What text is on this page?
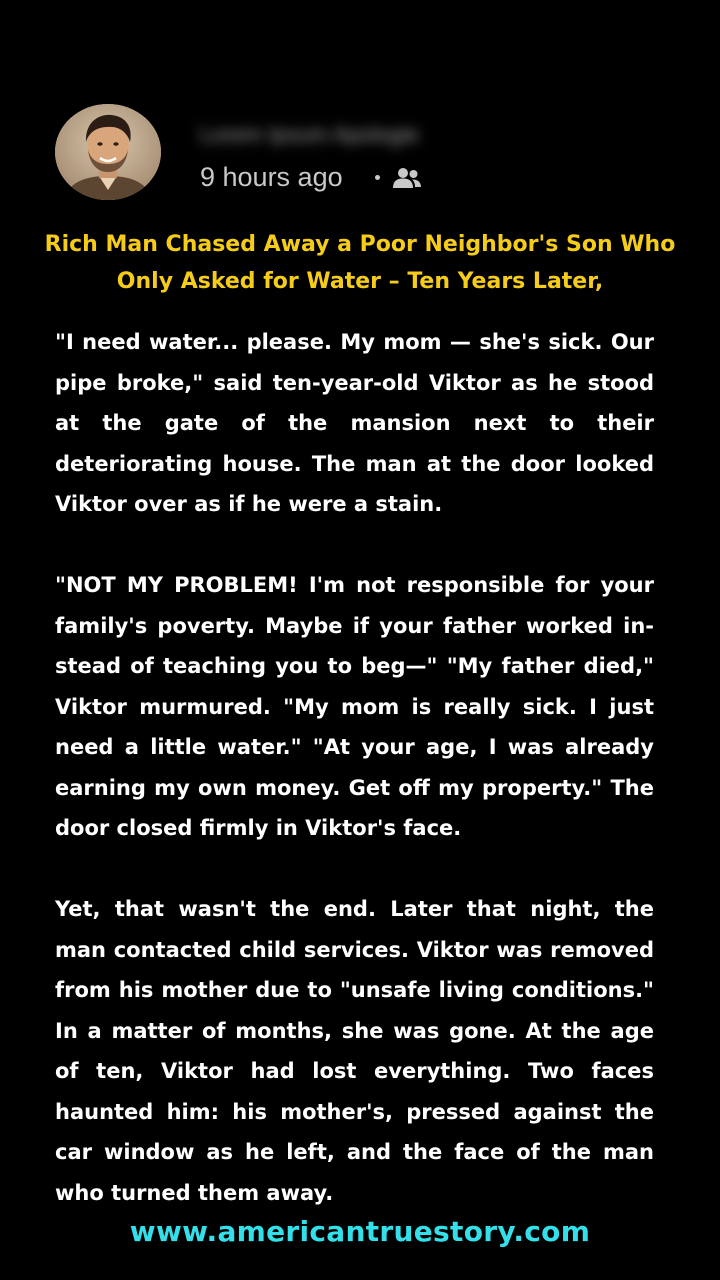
Lorem Ipsum Apologie
9 hours ago
Rich Man Chased Away a Poor Neighbor's Son Who Only Asked for Water – Ten Years Later,

"I need water... please. My mom — she's sick. Our pipe broke," said ten-year-old Viktor as he stood at the gate of the mansion next to their deteriorating house. The man at the door looked Viktor over as if he were a stain.

"NOT MY PROBLEM! I'm not responsible for your family's poverty. Maybe if your father worked instead of teaching you to beg—" "My father died," Viktor murmured. "My mom is really sick. I just need a little water." "At your age, I was already earning my own money. Get off my property." The door closed firmly in Viktor's face.

Yet, that wasn't the end. Later that night, the man contacted child services. Viktor was removed from his mother due to "unsafe living conditions." In a matter of months, she was gone. At the age of ten, Viktor had lost everything. Two faces haunted him: his mother's, pressed against the car window as he left, and the face of the man who turned them away.

www.americantruestory.com
